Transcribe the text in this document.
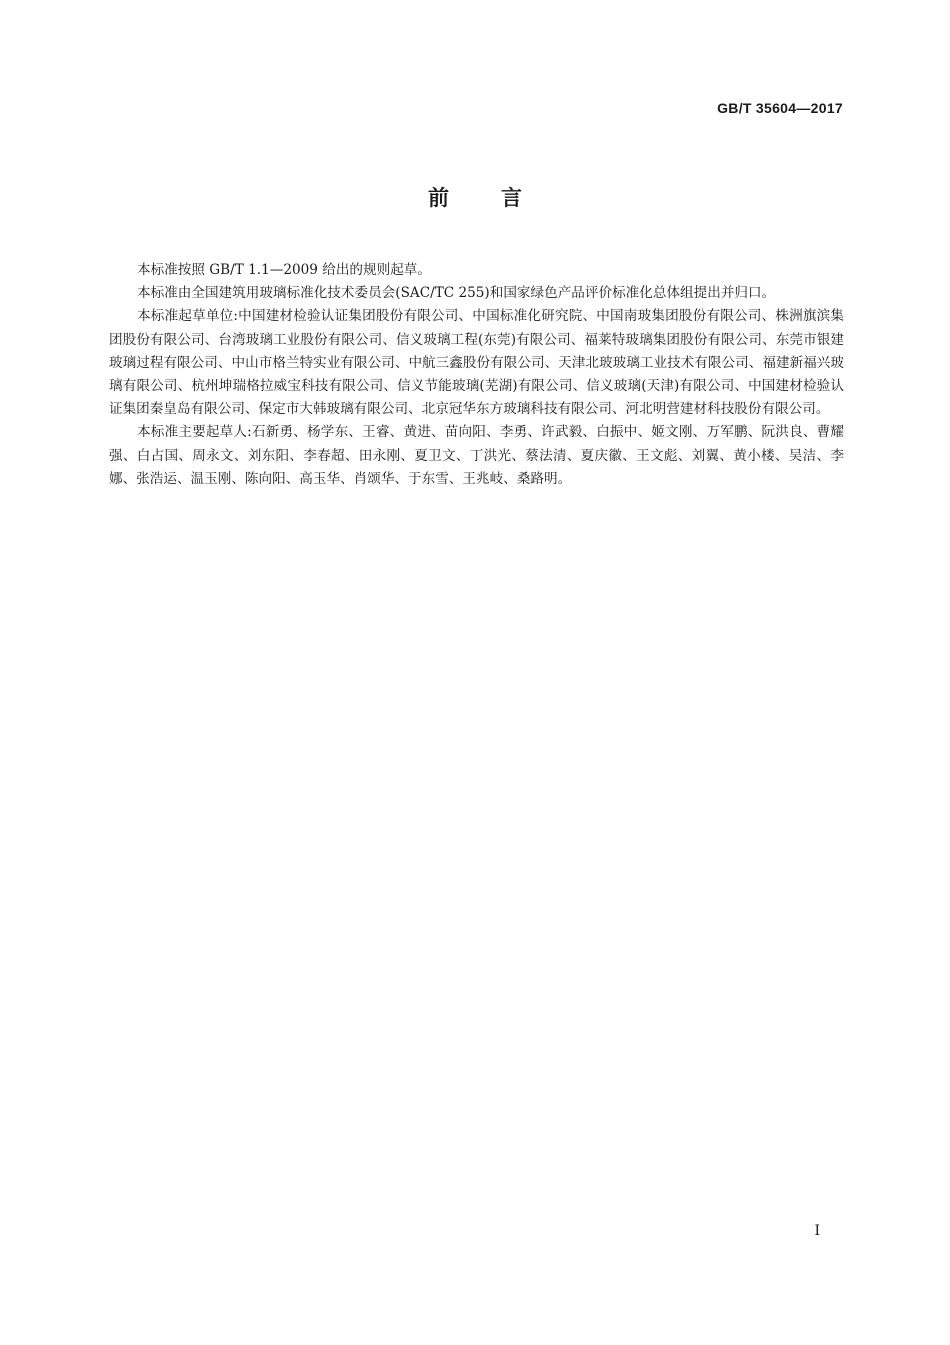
GB/T 35604—2017
前言

本标准按照 GB/T 1.1—2009 给出的规则起草。

本标准由全国建筑用玻璃标准化技术委员会(SAC/TC 255)和国家绿色产品评价标准化总体组提出并归口。

本标准起草单位:中国建材检验认证集团股份有限公司、中国标准化研究院、中国南玻集团股份有限公司、株洲旗滨集团股份有限公司、台湾玻璃工业股份有限公司、信义玻璃工程(东莞)有限公司、福莱特玻璃集团股份有限公司、东莞市银建玻璃过程有限公司、中山市格兰特实业有限公司、中航三鑫股份有限公司、天津北玻玻璃工业技术有限公司、福建新福兴玻璃有限公司、杭州坤瑞格拉威宝科技有限公司、信义节能玻璃(芜湖)有限公司、信义玻璃(天津)有限公司、中国建材检验认证集团秦皇岛有限公司、保定市大韩玻璃有限公司、北京冠华东方玻璃科技有限公司、河北明营建材科技股份有限公司。

本标准主要起草人:石新勇、杨学东、王睿、黄进、苗向阳、李勇、许武毅、白振中、姬文刚、万军鹏、阮洪良、曹耀强、白占国、周永文、刘东阳、李春超、田永刚、夏卫文、丁洪光、蔡法清、夏庆徽、王文彪、刘翼、黄小楼、吴洁、李娜、张浩运、温玉刚、陈向阳、高玉华、肖颂华、于东雪、王兆岐、桑路明。

I
